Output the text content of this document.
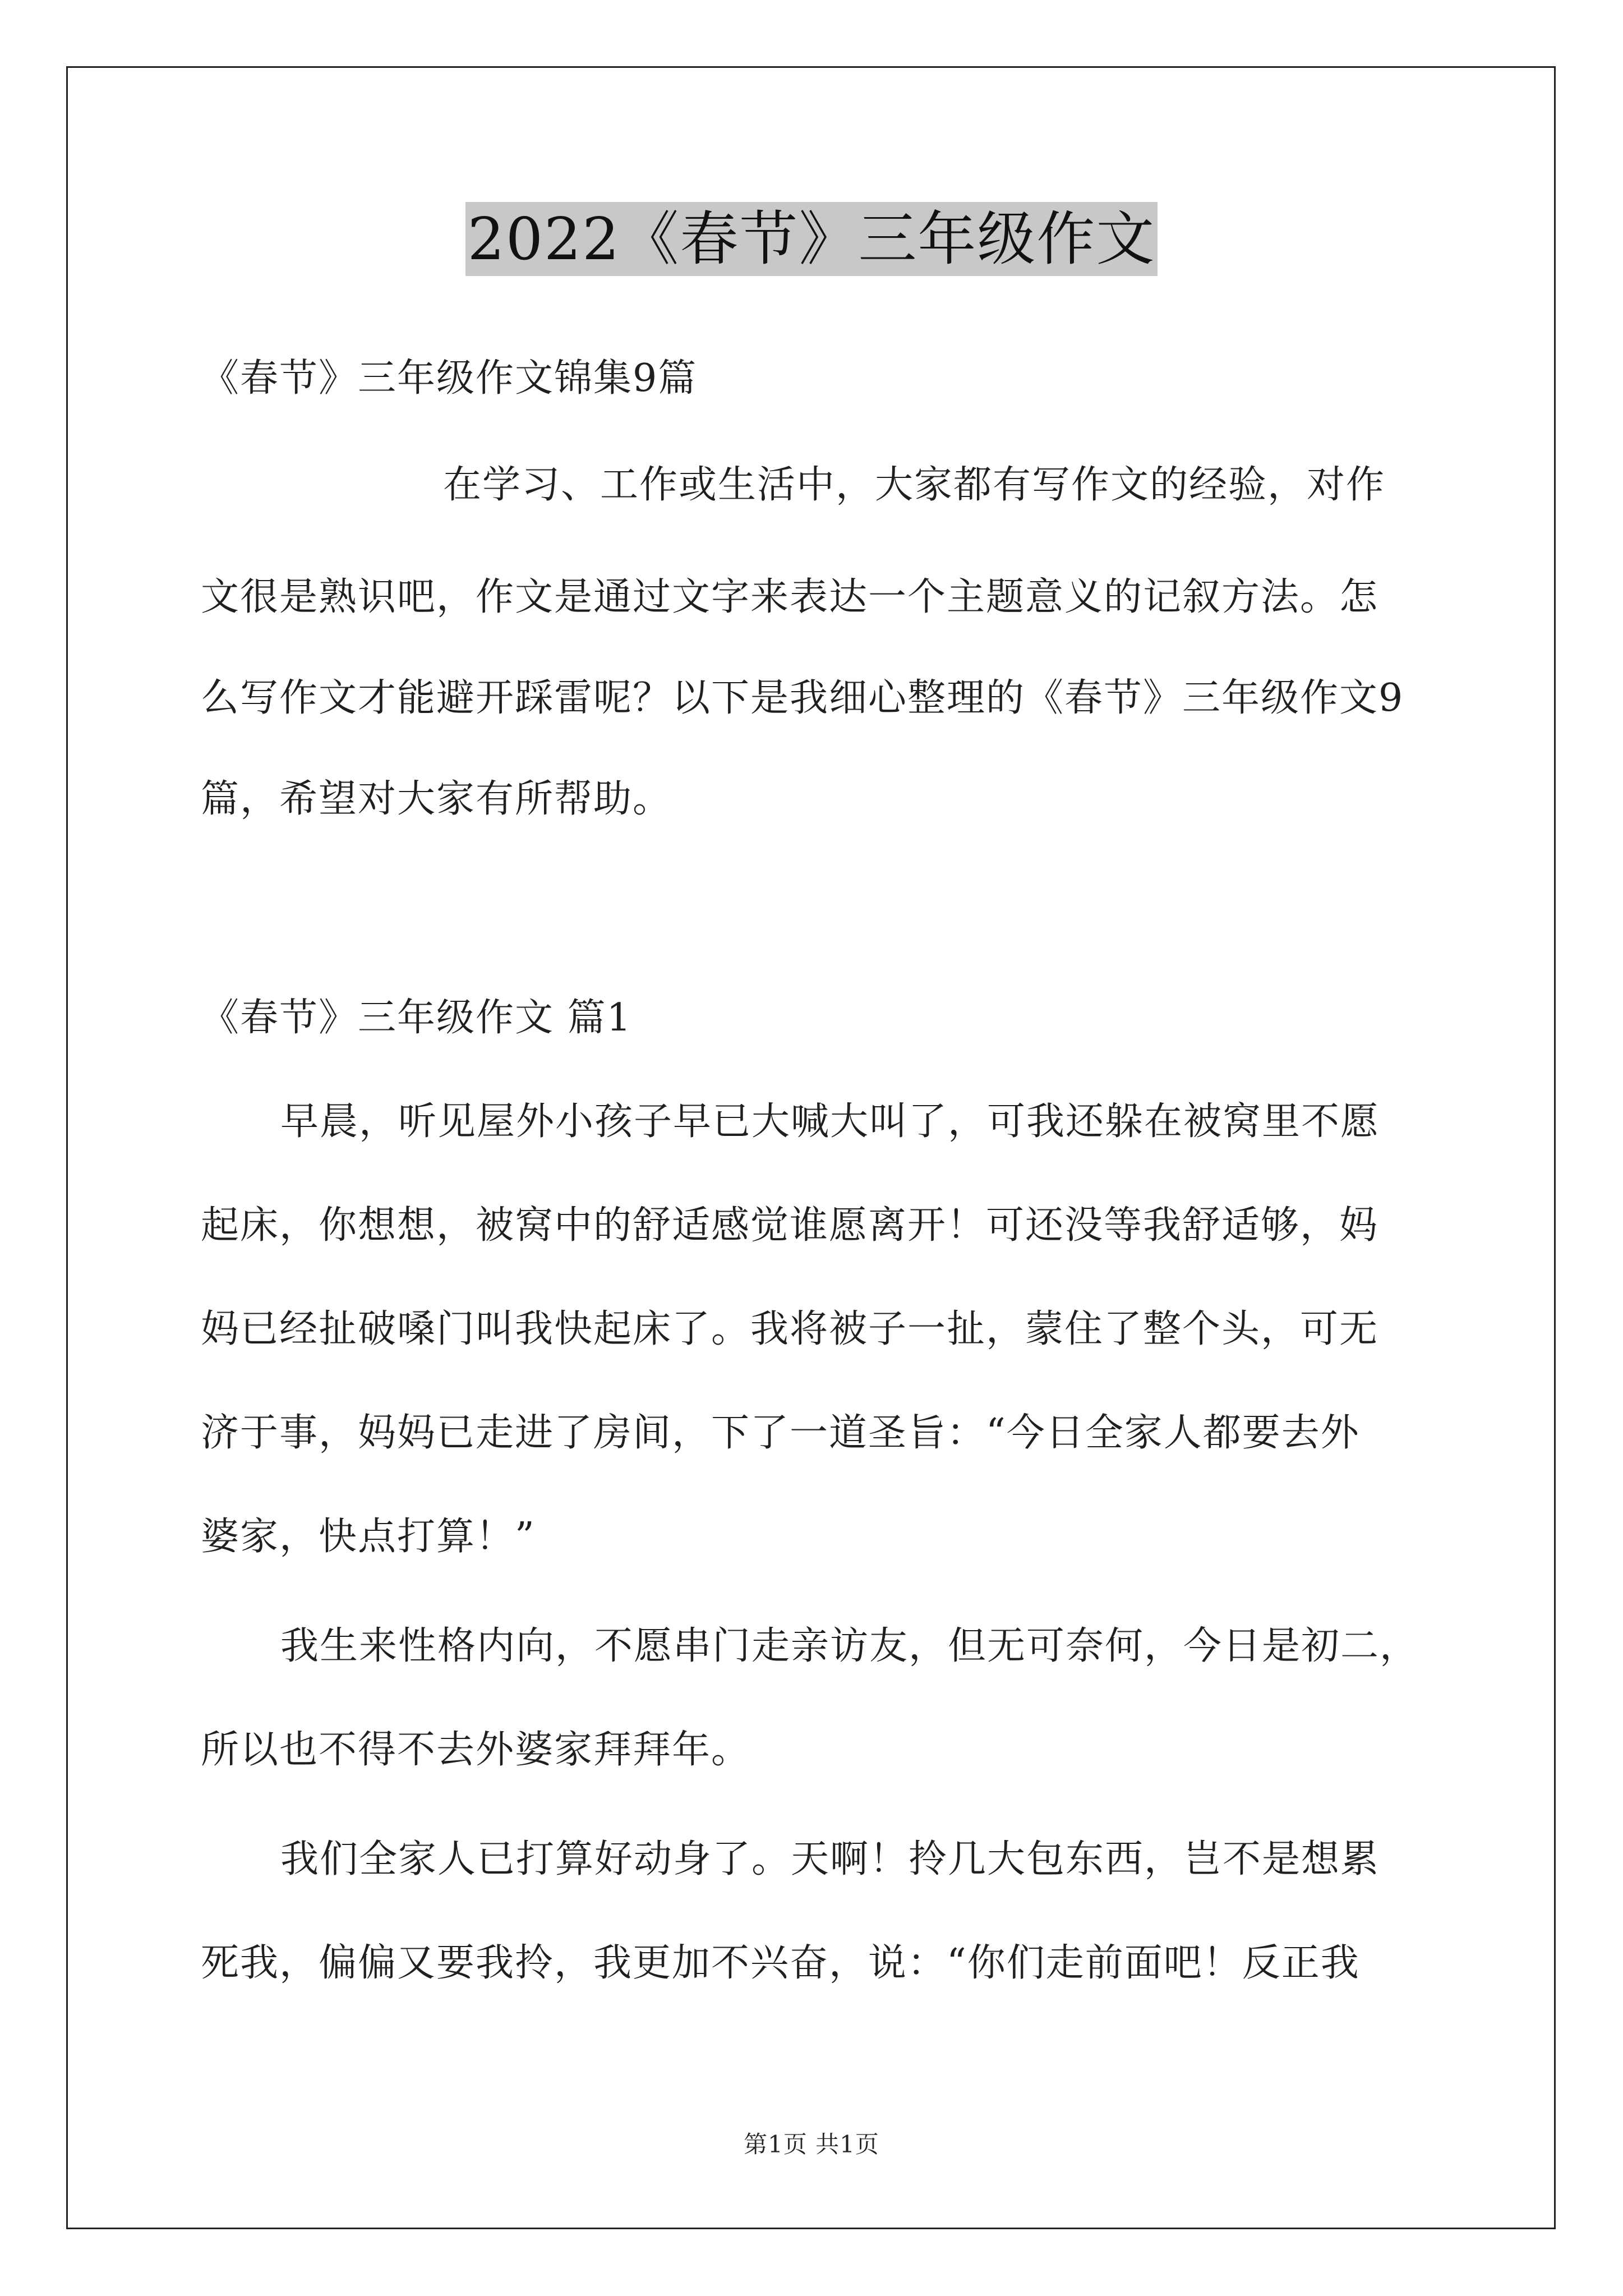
2022《春节》三年级作文
《春节》三年级作文锦集9篇
在学习、工作或生活中，大家都有写作文的经验，对作
文很是熟识吧，作文是通过文字来表达一个主题意义的记叙方法。怎
么写作文才能避开踩雷呢？以下是我细心整理的《春节》三年级作文9
篇，希望对大家有所帮助。
《春节》三年级作文 篇1
早晨，听见屋外小孩子早已大喊大叫了，可我还躲在被窝里不愿
起床，你想想，被窝中的舒适感觉谁愿离开！可还没等我舒适够，妈
妈已经扯破嗓门叫我快起床了。我将被子一扯，蒙住了整个头，可无
济于事，妈妈已走进了房间，下了一道圣旨：“今日全家人都要去外
婆家，快点打算！”
我生来性格内向，不愿串门走亲访友，但无可奈何，今日是初二，
所以也不得不去外婆家拜拜年。
我们全家人已打算好动身了。天啊！拎几大包东西，岂不是想累
死我，偏偏又要我拎，我更加不兴奋，说：“你们走前面吧！反正我
第1页 共1页
